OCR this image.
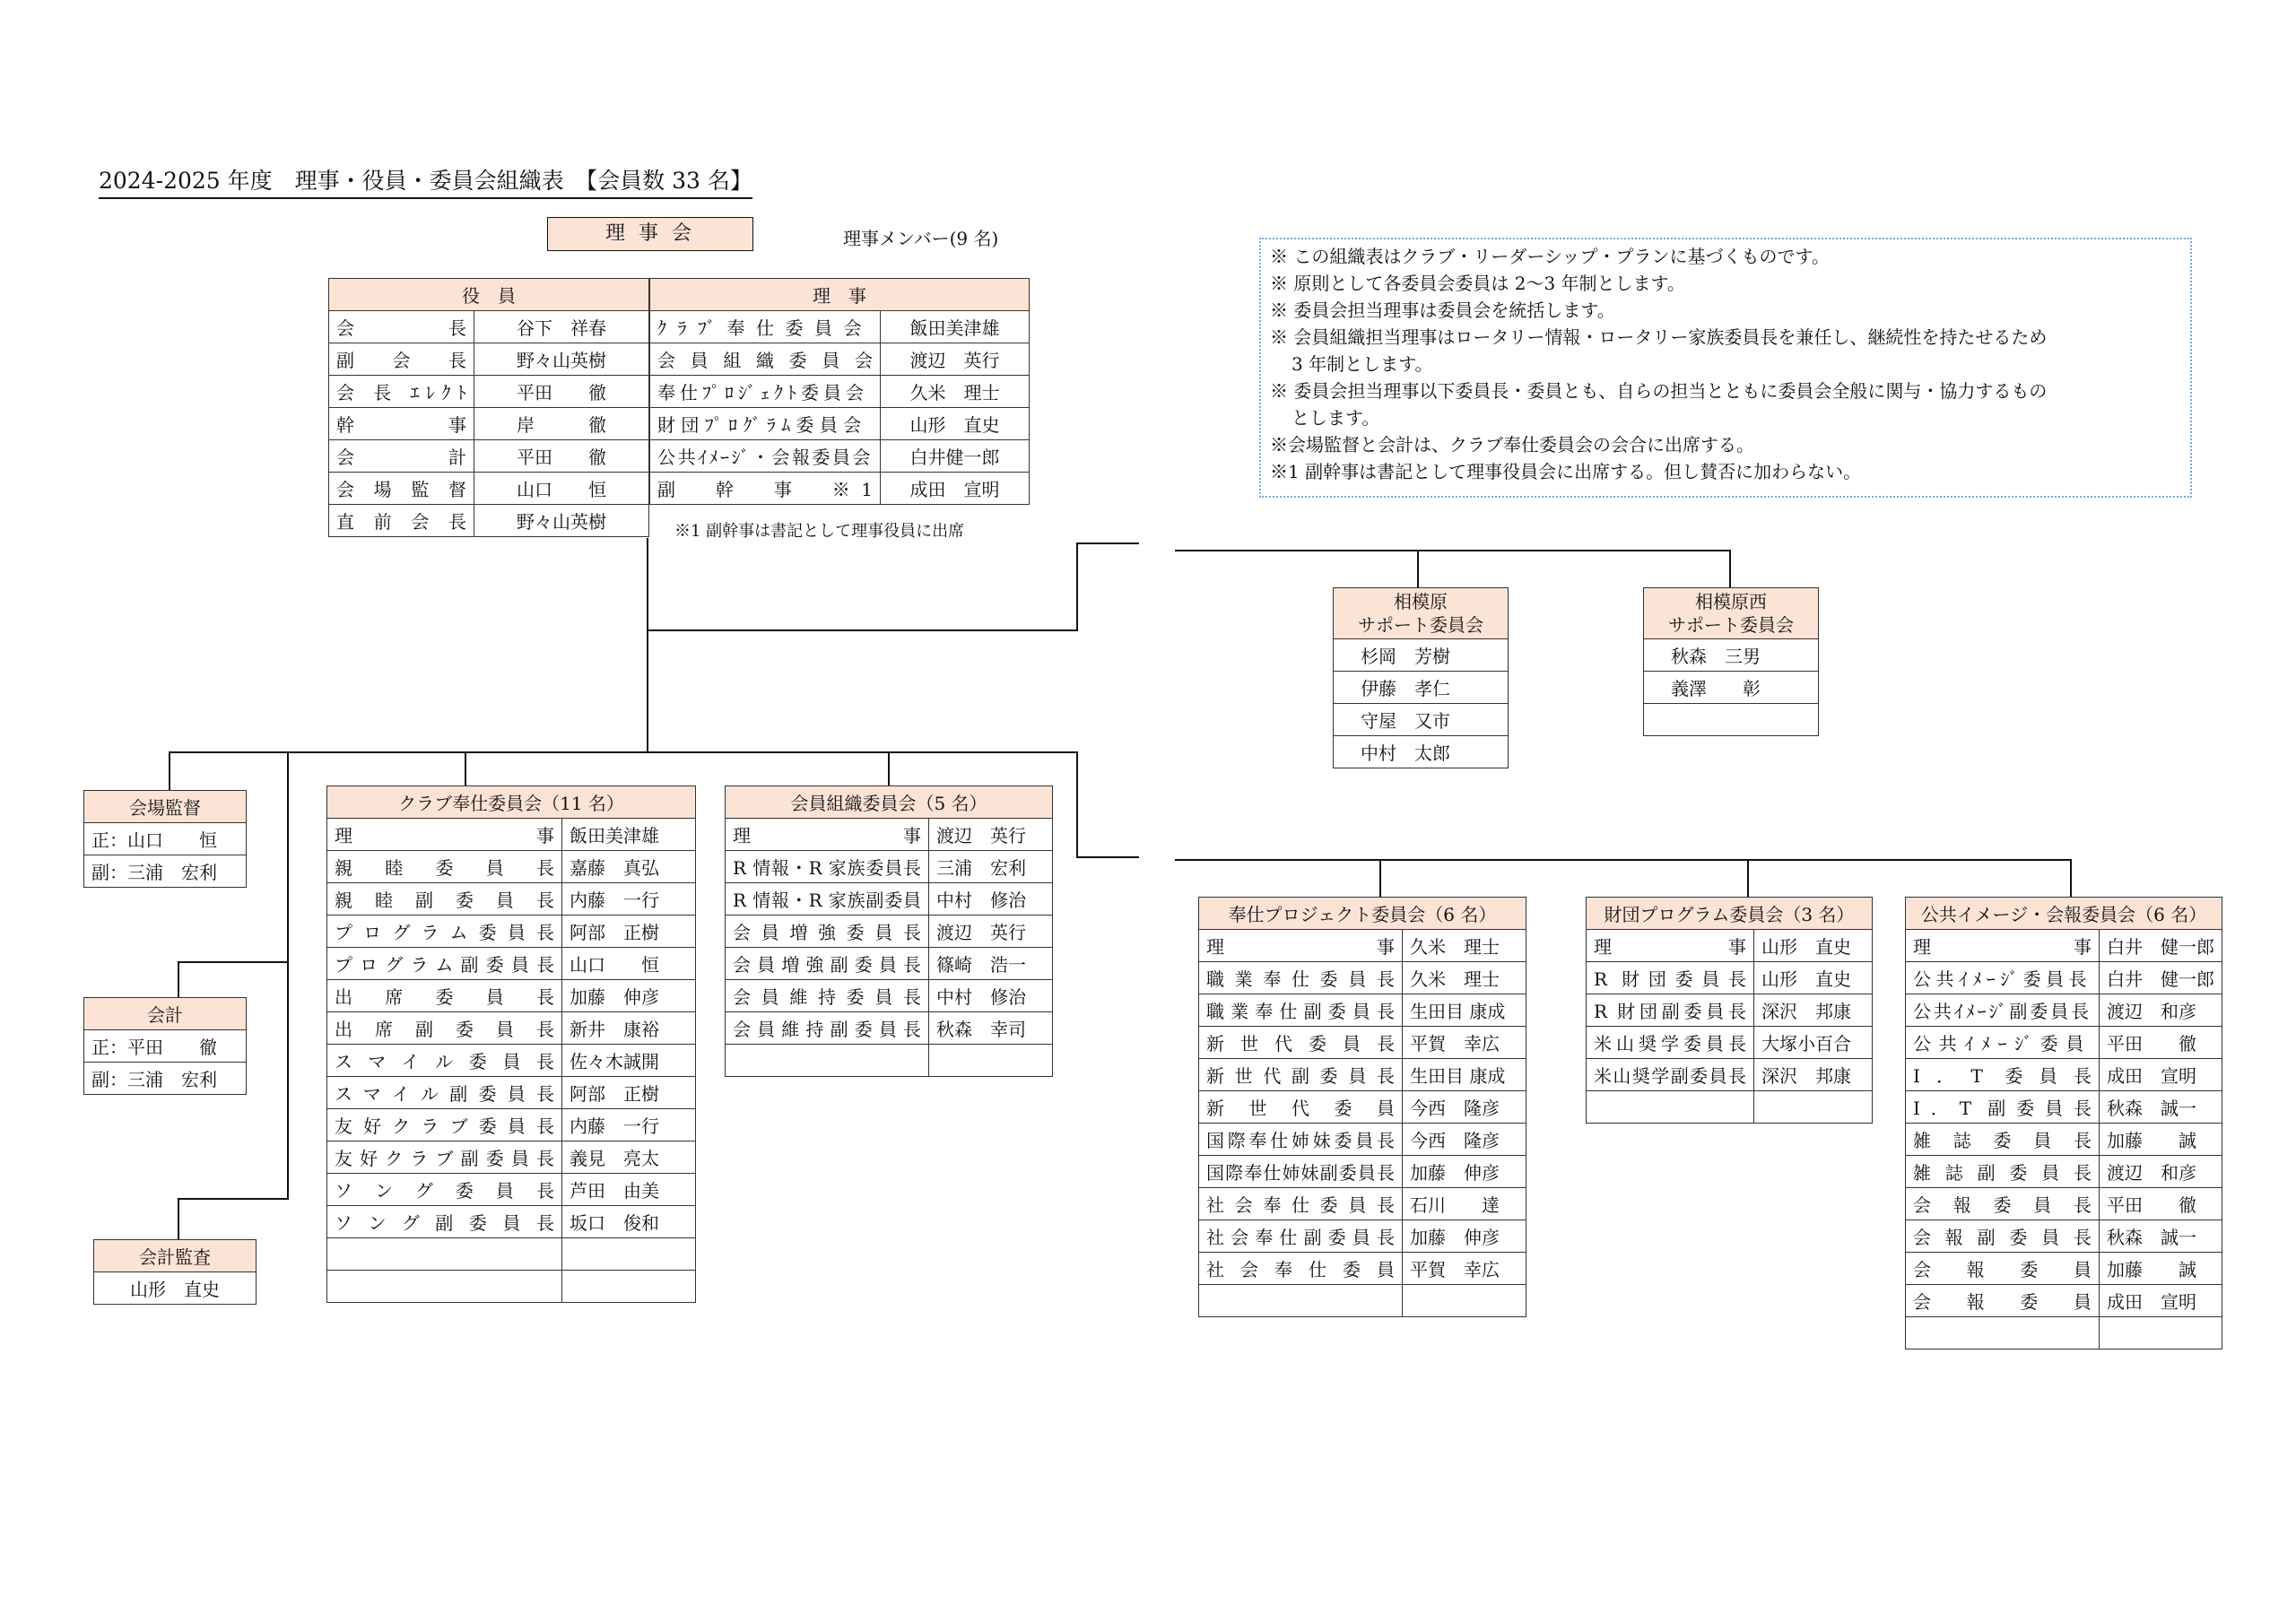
2024-2025 年度　理事・役員・委員会組織表　【会員数 33 名】
理 事 会	理事メンバー(9 名)
※ この組織表はクラブ・リーダーシップ・プランに基づくものです。
※ 原則として各委員会委員は 2～3 年制とします。
※ 委員会担当理事は委員会を統括します。
※ 会員組織担当理事はロータリー情報・ロータリー家族委員長を兼任し、継続性を持たせるため
3 年制とします。
※ 委員会担当理事以下委員長・委員とも、自らの担当とともに委員会全般に関与・協力するもの
とします。
※会場監督と会計は、クラブ奉仕委員会の会合に出席する。
※1 副幹事は書記として理事役員会に出席する。但し賛否に加わらない。
役　員	

会　長	谷下　祥春

副 会 長	野々山英樹

会 長 ｴﾚｸﾄ	平田　　徹

幹　事	岸　　　徹

会　計	平田　　徹

会 場 監 督	山口　　恒

直 前 会 長	野々山英樹
理　事	

ｸﾗﾌﾞ奉仕委員会	飯田美津雄

会員組織委員会	渡辺　英行

奉仕ﾌﾟﾛｼﾞｪｸﾄ委員会	久米　理士

財団ﾌﾟﾛｸﾞﾗﾑ委員会	山形　直史

公共ｲﾒｰｼﾞ・会報委員会	白井健一郎

副　幹　事　※1	成田　宣明
※1 副幹事は書記として理事役員に出席
相模原
サポート委員会

杉岡　芳樹
伊藤　孝仁
守屋　又市
中村　太郎
相模原西
サポート委員会

秋森　三男
義澤　　彰

会場監督
正：山口　　恒
副：三浦　宏利
会計
正：平田　　徹
副：三浦　宏利
会計監査
山形　直史
クラブ奉仕委員会（11 名）	

理　事	飯田美津雄

親睦委員長	嘉藤　真弘

親睦副委員長	内藤　一行

プログラム委員長	阿部　正樹

プログラム副委員長	山口　　恒

出席委員長	加藤　伸彦

出席副委員長	新井　康裕

スマイル委員長	佐々木誠開

スマイル副委員長	阿部　正樹

友好クラブ委員長	内藤　一行

友好クラブ副委員長	義見　亮太

ソング委員長	芦田　由美

ソング副委員長	坂口　俊和

会員組織委員会（5 名）	

理　事	渡辺　英行

R 情報・R 家族委員長	三浦　宏利

R 情報・R 家族副委員	中村　修治

会員増強委員長	渡辺　英行

会員増強副委員長	篠崎　浩一

会員維持委員長	中村　修治

会員維持副委員長	秋森　幸司

奉仕プロジェクト委員会（6 名）	

理　事	久米　理士

職業奉仕委員長	久米　理士

職業奉仕副委員長	生田目 康成

新世代委員長	平賀　幸広

新世代副委員長	生田目 康成

新世代委員	今西　隆彦

国際奉仕姉妹委員長	今西　隆彦

国際奉仕姉妹副委員長	加藤　伸彦

社会奉仕委員長	石川　　達

社会奉仕副委員長	加藤　伸彦

社会奉仕委員	平賀　幸広

財団プログラム委員会（3 名）	

理　事	山形　直史

R 財団委員長	山形　直史

R 財団副委員長	深沢　邦康

米山奨学委員長	大塚小百合

米山奨学副委員長	深沢　邦康

公共イメージ・会報委員会（6 名）	

理　事	白井　健一郎

公共ｲﾒｰｼﾞ委員長	白井　健一郎

公共ｲﾒｰｼﾞ副委員長	渡辺　和彦

公共ｲﾒｰｼﾞ委員	平田　　徹

I．T 委員長	成田　宣明

I．T 副委員長	秋森　誠一

雑誌委員長	加藤　　誠

雑誌副委員長	渡辺　和彦

会報委員長	平田　　徹

会報副委員長	秋森　誠一

会報委員	加藤　　誠

会報委員	成田　宣明
